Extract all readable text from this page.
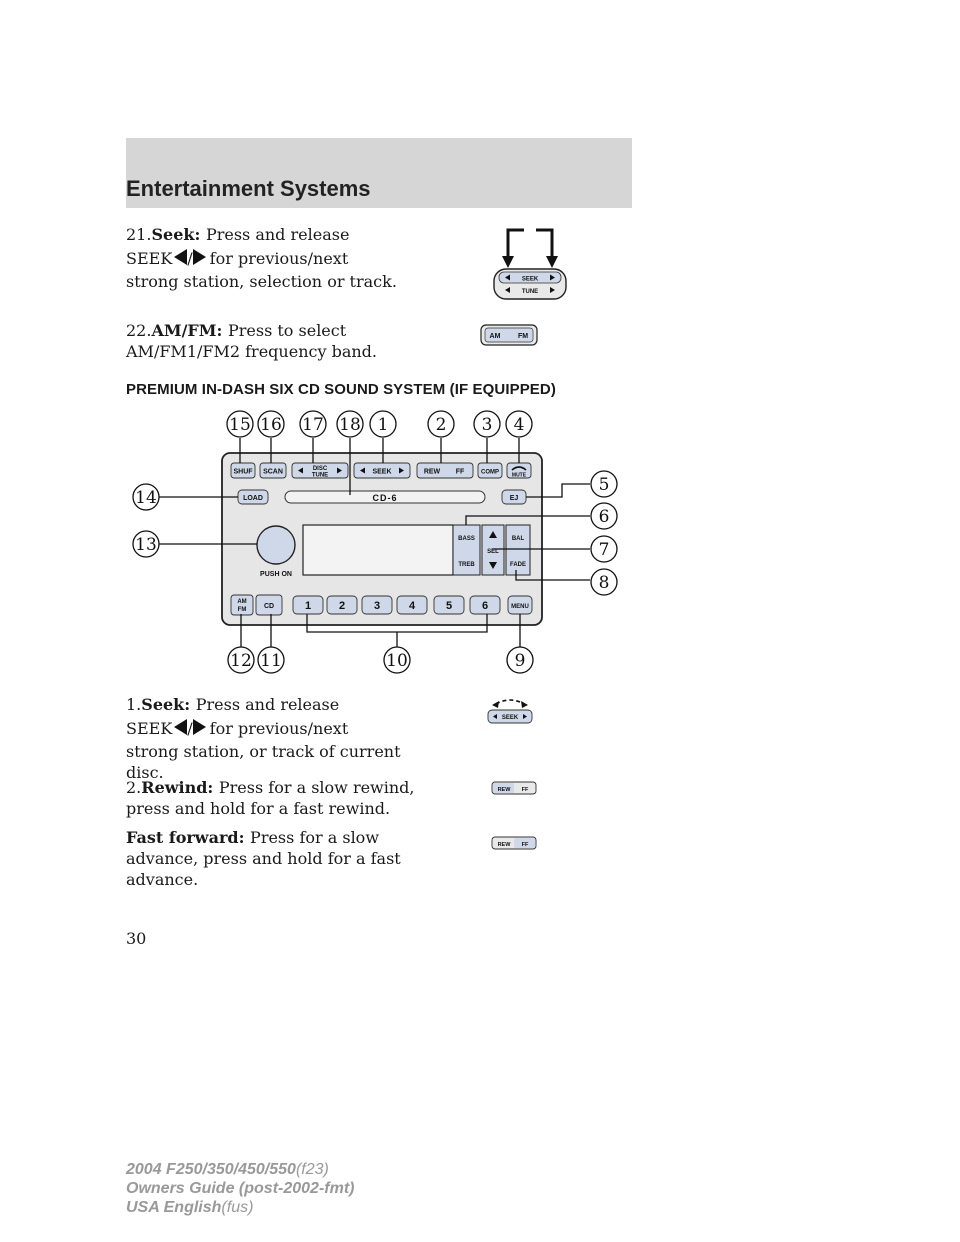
Entertainment Systems
21.Seek: Press and release
SEEK / for previous/next
strong station, selection or track.
22.AM/FM: Press to select
AM/FM1/FM2 frequency band.
SEEK
TUNE
AM	FM
PREMIUM IN-DASH SIX CD SOUND SYSTEM (IF EQUIPPED)
SHUF SCAN	DISC
TUNE	SEEK	REW FF	COMP	MUTE
LOAD	CD-6	EJ
PUSH ON
BASS
TREB
SEL
BAL
FADE
AM
FM	CD	1	2	3	4	5	6	MENU
15 16 17 18 1	2 3 4
5
6
7
8
9
10
11
12
13
14
1.Seek: Press and release
SEEK / for previous/next
strong station, or track of current
disc.
SEEK
2.Rewind: Press for a slow rewind,
press and hold for a fast rewind.
REW FF
Fast forward: Press for a slow
advance, press and hold for a fast
advance.
REW FF
30
2004 F250/350/450/550(f23)
Owners Guide (post-2002-fmt)
USA English(fus)
